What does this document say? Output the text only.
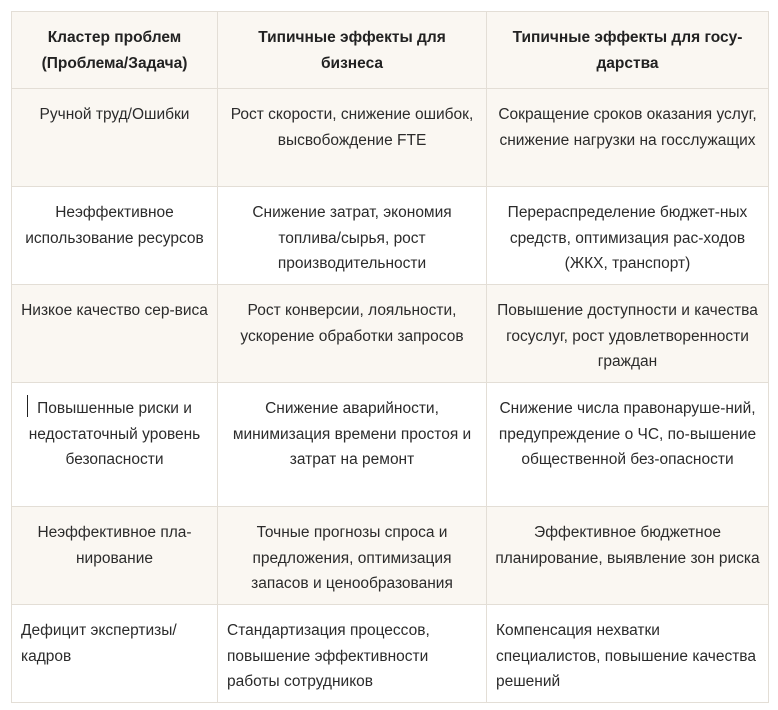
Кластер проблем (Проблема/Задача)	Типичные эффекты для бизнеса	Типичные эффекты для госу-дарства
Ручной труд/Ошибки	Рост скорости, снижение ошибок, высвобождение FTE	Сокращение сроков оказания услуг, снижение нагрузки на госслужащих
Неэффективное использование ресурсов	Снижение затрат, экономия топлива/сырья, рост производительности	Перераспределение бюджет-ных средств, оптимизация рас-ходов (ЖКХ, транспорт)
Низкое качество сер-виса	Рост конверсии, лояльности, ускорение обработки запросов	Повышение доступности и качества госуслуг, рост удовлетворенности граждан
Повышенные риски и недостаточный уровень безопасности	Снижение аварийности, минимизация времени простоя и затрат на ремонт	Снижение числа правонаруше-ний, предупреждение о ЧС, по-вышение общественной без-опасности
Неэффективное пла-нирование	Точные прогнозы спроса и предложения, оптимизация запасов и ценообразования	Эффективное бюджетное планирование, выявление зон риска
Дефицит экспертизы/ кадров	Стандартизация процессов, повышение эффективности работы сотрудников	Компенсация нехватки специалистов, повышение качества решений
